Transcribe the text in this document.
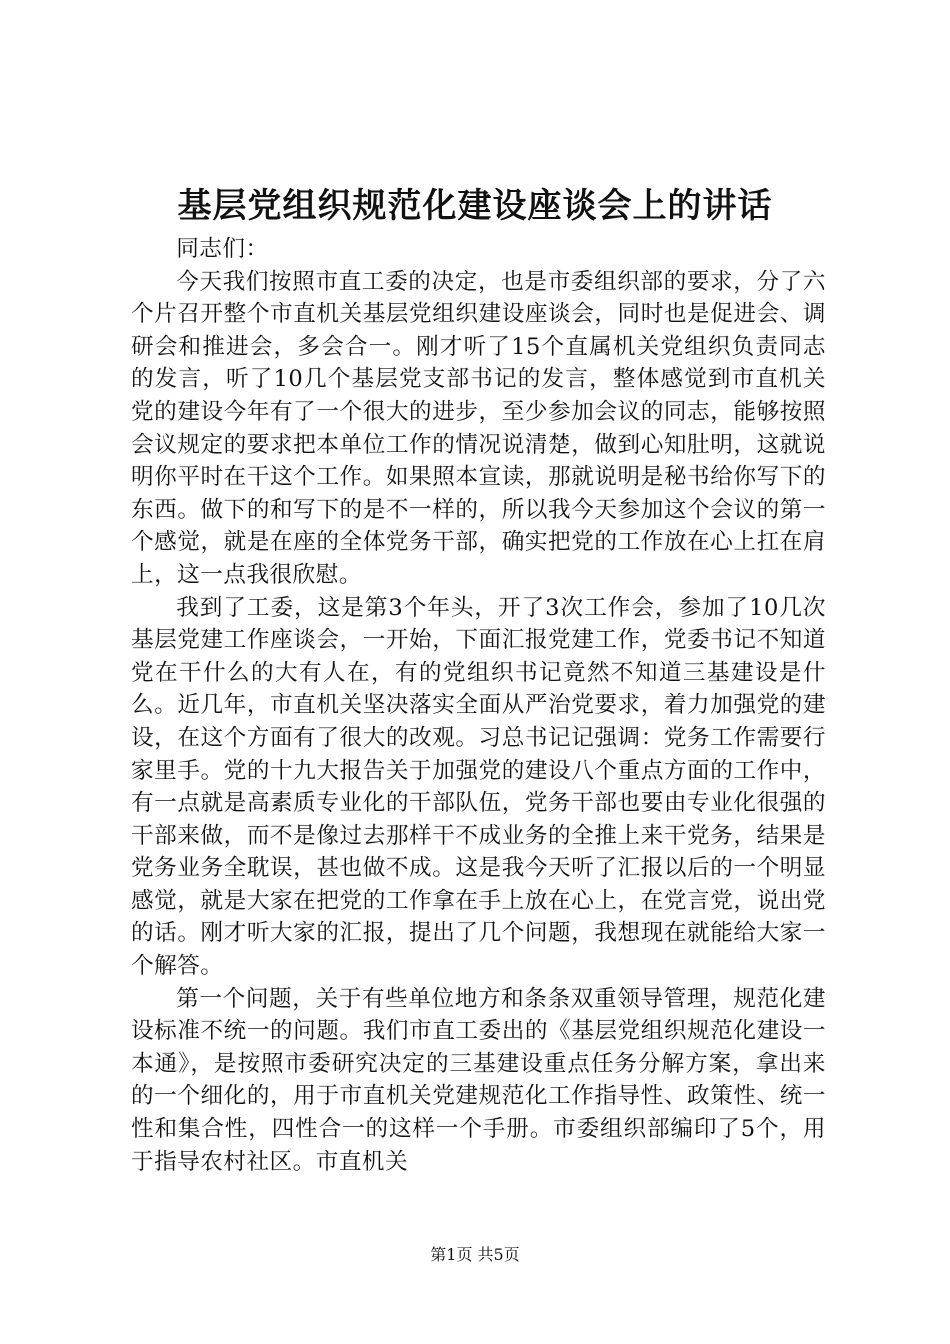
基层党组织规范化建设座谈会上的讲话

同志们：

今天我们按照市直工委的决定，也是市委组织部的要求，分了六个片召开整个市直机关基层党组织建设座谈会，同时也是促进会、调研会和推进会，多会合一。刚才听了15个直属机关党组织负责同志的发言，听了10几个基层党支部书记的发言，整体感觉到市直机关党的建设今年有了一个很大的进步，至少参加会议的同志，能够按照会议规定的要求把本单位工作的情况说清楚，做到心知肚明，这就说明你平时在干这个工作。如果照本宣读，那就说明是秘书给你写下的东西。做下的和写下的是不一样的，所以我今天参加这个会议的第一个感觉，就是在座的全体党务干部，确实把党的工作放在心上扛在肩上，这一点我很欣慰。

我到了工委，这是第3个年头，开了3次工作会，参加了10几次基层党建工作座谈会，一开始，下面汇报党建工作，党委书记不知道党在干什么的大有人在，有的党组织书记竟然不知道三基建设是什么。近几年，市直机关坚决落实全面从严治党要求，着力加强党的建设，在这个方面有了很大的改观。习总书记记强调：党务工作需要行家里手。党的十九大报告关于加强党的建设八个重点方面的工作中，有一点就是高素质专业化的干部队伍，党务干部也要由专业化很强的干部来做，而不是像过去那样干不成业务的全推上来干党务，结果是党务业务全耽误，甚也做不成。这是我今天听了汇报以后的一个明显感觉，就是大家在把党的工作拿在手上放在心上，在党言党，说出党的话。刚才听大家的汇报，提出了几个问题，我想现在就能给大家一个解答。

第一个问题，关于有些单位地方和条条双重领导管理，规范化建设标准不统一的问题。我们市直工委出的《基层党组织规范化建设一本通》，是按照市委研究决定的三基建设重点任务分解方案，拿出来的一个细化的，用于市直机关党建规范化工作指导性、政策性、统一性和集合性，四性合一的这样一个手册。市委组织部编印了5个，用于指导农村社区。市直机关

第1页 共5页
